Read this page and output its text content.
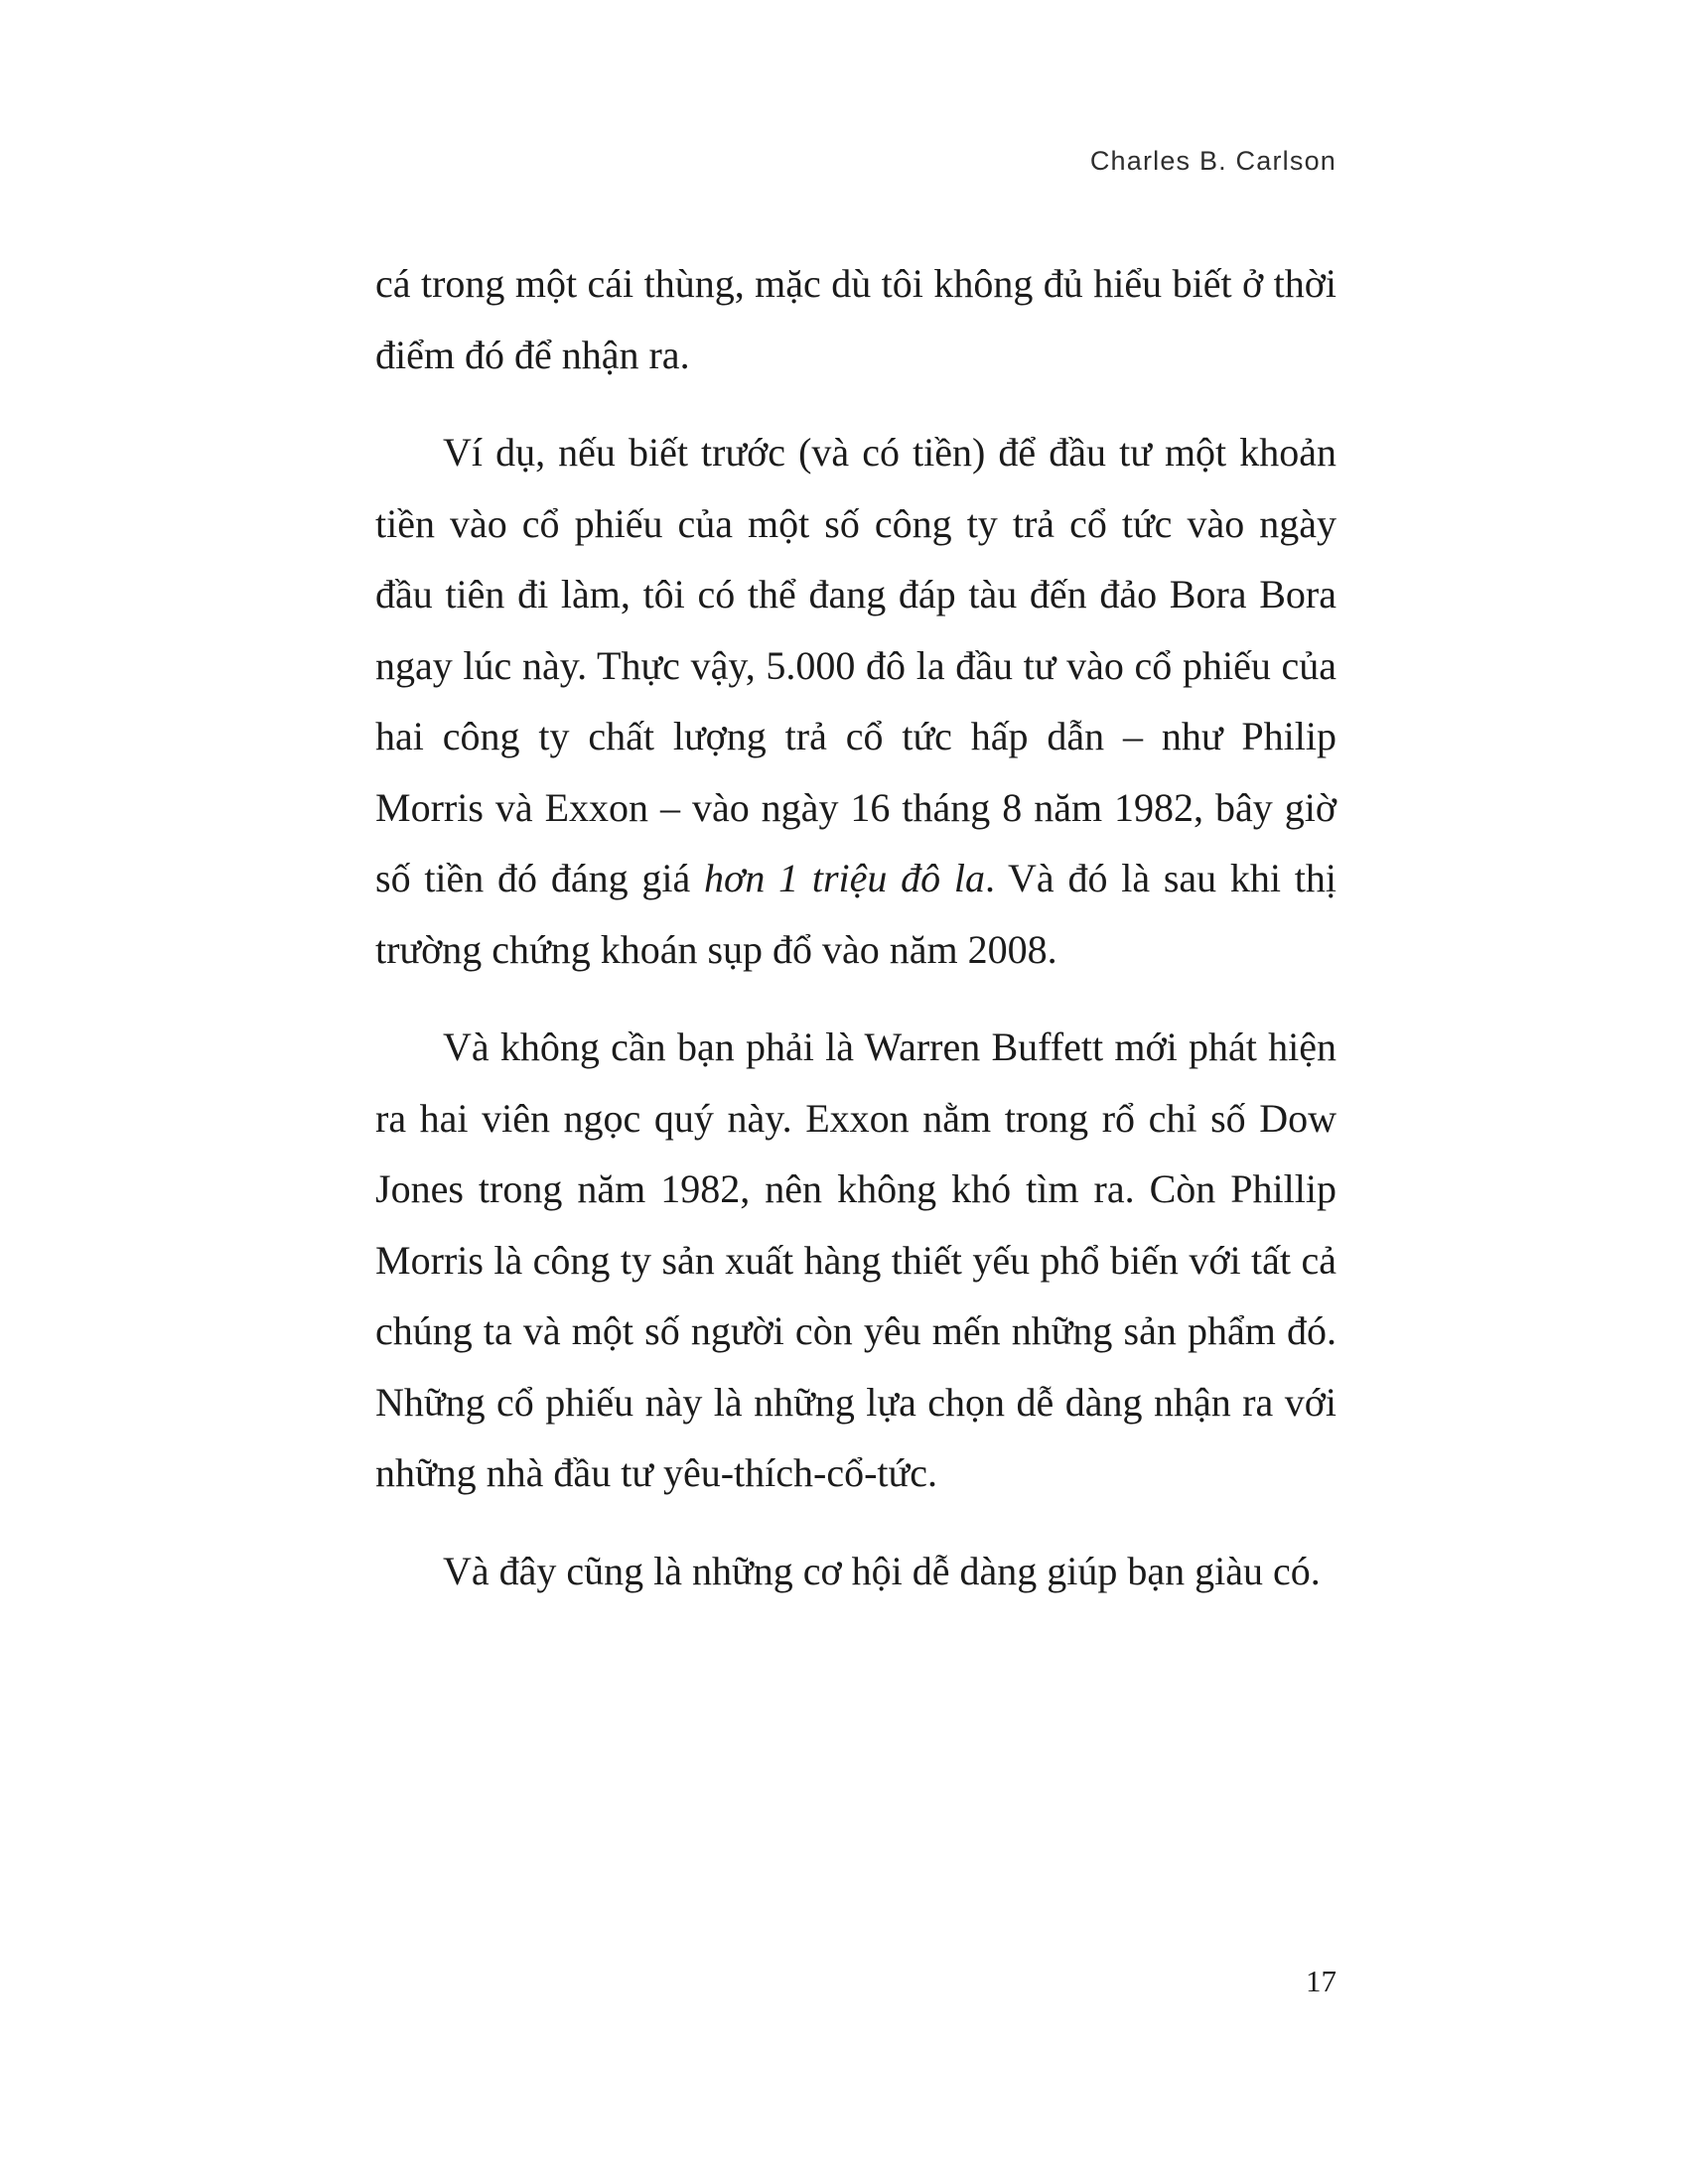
Charles B. Carlson

cá trong một cái thùng, mặc dù tôi không đủ hiểu biết ở thời điểm đó để nhận ra.

Ví dụ, nếu biết trước (và có tiền) để đầu tư một khoản tiền vào cổ phiếu của một số công ty trả cổ tức vào ngày đầu tiên đi làm, tôi có thể đang đáp tàu đến đảo Bora Bora ngay lúc này. Thực vậy, 5.000 đô la đầu tư vào cổ phiếu của hai công ty chất lượng trả cổ tức hấp dẫn – như Philip Morris và Exxon – vào ngày 16 tháng 8 năm 1982, bây giờ số tiền đó đáng giá hơn 1 triệu đô la. Và đó là sau khi thị trường chứng khoán sụp đổ vào năm 2008.

Và không cần bạn phải là Warren Buffett mới phát hiện ra hai viên ngọc quý này. Exxon nằm trong rổ chỉ số Dow Jones trong năm 1982, nên không khó tìm ra. Còn Phillip Morris là công ty sản xuất hàng thiết yếu phổ biến với tất cả chúng ta và một số người còn yêu mến những sản phẩm đó. Những cổ phiếu này là những lựa chọn dễ dàng nhận ra với những nhà đầu tư yêu-thích-cổ-tức.

Và đây cũng là những cơ hội dễ dàng giúp bạn giàu có.

17
